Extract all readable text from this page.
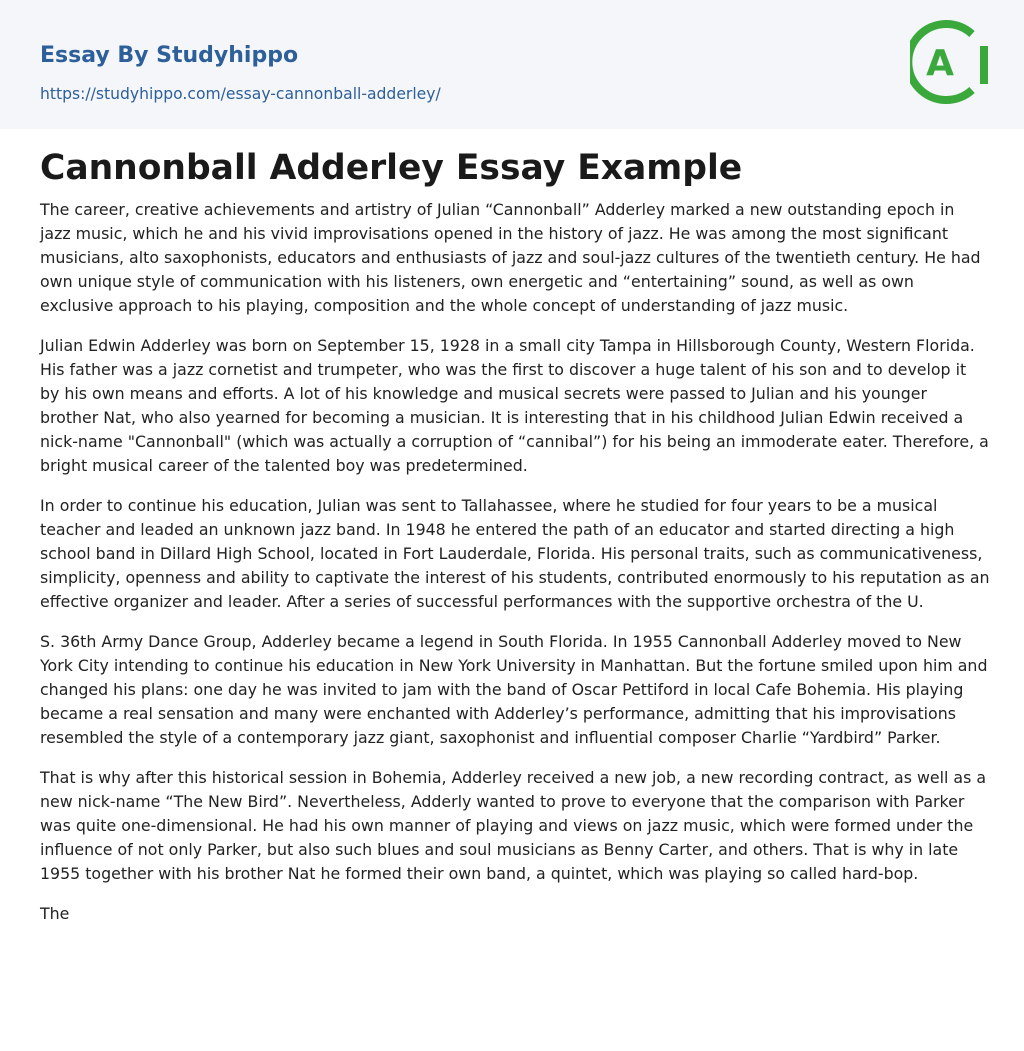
Essay By Studyhippo
https://studyhippo.com/essay-cannonball-adderley/
A
Cannonball Adderley Essay Example

The career, creative achievements and artistry of Julian “Cannonball” Adderley marked a new outstanding epoch in jazz music, which he and his vivid improvisations opened in the history of jazz. He was among the most significant musicians, alto saxophonists, educators and enthusiasts of jazz and soul-jazz cultures of the twentieth century. He had own unique style of communication with his listeners, own energetic and “entertaining” sound, as well as own exclusive approach to his playing, composition and the whole concept of understanding of jazz music.

Julian Edwin Adderley was born on September 15, 1928 in a small city Tampa in Hillsborough County, Western Florida. His father was a jazz cornetist and trumpeter, who was the first to discover a huge talent of his son and to develop it by his own means and efforts. A lot of his knowledge and musical secrets were passed to Julian and his younger brother Nat, who also yearned for becoming a musician. It is interesting that in his childhood Julian Edwin received a nick-name "Cannonball" (which was actually a corruption of “cannibal”) for his being an immoderate eater. Therefore, a bright musical career of the talented boy was predetermined.

In order to continue his education, Julian was sent to Tallahassee, where he studied for four years to be a musical teacher and leaded an unknown jazz band. In 1948 he entered the path of an educator and started directing a high school band in Dillard High School, located in Fort Lauderdale, Florida. His personal traits, such as communicativeness, simplicity, openness and ability to captivate the interest of his students, contributed enormously to his reputation as an effective organizer and leader. After a series of successful performances with the supportive orchestra of the U.

S. 36th Army Dance Group, Adderley became a legend in South Florida. In 1955 Cannonball Adderley moved to New York City intending to continue his education in New York University in Manhattan. But the fortune smiled upon him and changed his plans: one day he was invited to jam with the band of Oscar Pettiford in local Cafe Bohemia. His playing became a real sensation and many were enchanted with Adderley’s performance, admitting that his improvisations resembled the style of a contemporary jazz giant, saxophonist and influential composer Charlie “Yardbird” Parker.

That is why after this historical session in Bohemia, Adderley received a new job, a new recording contract, as well as a new nick-name “The New Bird”. Nevertheless, Adderly wanted to prove to everyone that the comparison with Parker was quite one-dimensional. He had his own manner of playing and views on jazz music, which were formed under the influence of not only Parker, but also such blues and soul musicians as Benny Carter, and others. That is why in late 1955 together with his brother Nat he formed their own band, a quintet, which was playing so called hard-bop.

The
